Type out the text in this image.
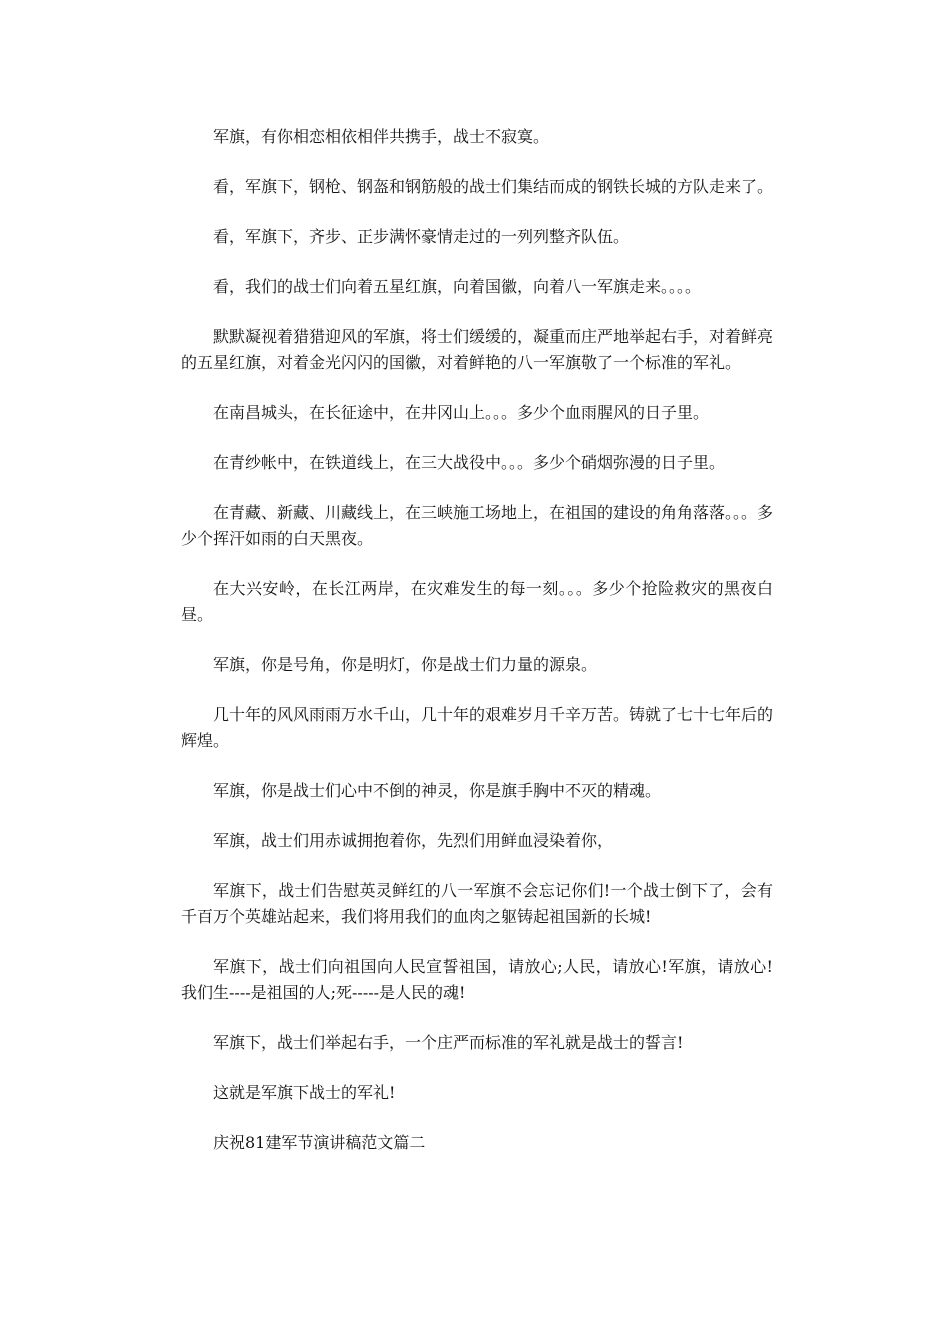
军旗，有你相恋相依相伴共携手，战士不寂寞。

看，军旗下，钢枪、钢盔和钢筋般的战士们集结而成的钢铁长城的方队走来了。

看，军旗下，齐步、正步满怀豪情走过的一列列整齐队伍。

看，我们的战士们向着五星红旗，向着国徽，向着八一军旗走来。。。。

默默凝视着猎猎迎风的军旗，将士们缓缓的，凝重而庄严地举起右手，对着鲜亮的五星红旗，对着金光闪闪的国徽，对着鲜艳的八一军旗敬了一个标准的军礼。

在南昌城头，在长征途中，在井冈山上。。。多少个血雨腥风的日子里。

在青纱帐中，在铁道线上，在三大战役中。。。多少个硝烟弥漫的日子里。

在青藏、新藏、川藏线上，在三峡施工场地上，在祖国的建设的角角落落。。。多少个挥汗如雨的白天黑夜。

在大兴安岭，在长江两岸，在灾难发生的每一刻。。。多少个抢险救灾的黑夜白昼。

军旗，你是号角，你是明灯，你是战士们力量的源泉。

几十年的风风雨雨万水千山，几十年的艰难岁月千辛万苦。铸就了七十七年后的辉煌。

军旗，你是战士们心中不倒的神灵，你是旗手胸中不灭的精魂。

军旗，战士们用赤诚拥抱着你，先烈们用鲜血浸染着你，

军旗下，战士们告慰英灵鲜红的八一军旗不会忘记你们!一个战士倒下了，会有千百万个英雄站起来，我们将用我们的血肉之躯铸起祖国新的长城!

军旗下，战士们向祖国向人民宣誓祖国，请放心;人民，请放心!军旗，请放心!我们生----是祖国的人;死-----是人民的魂!

军旗下，战士们举起右手，一个庄严而标准的军礼就是战士的誓言!

这就是军旗下战士的军礼!

庆祝81建军节演讲稿范文篇二
